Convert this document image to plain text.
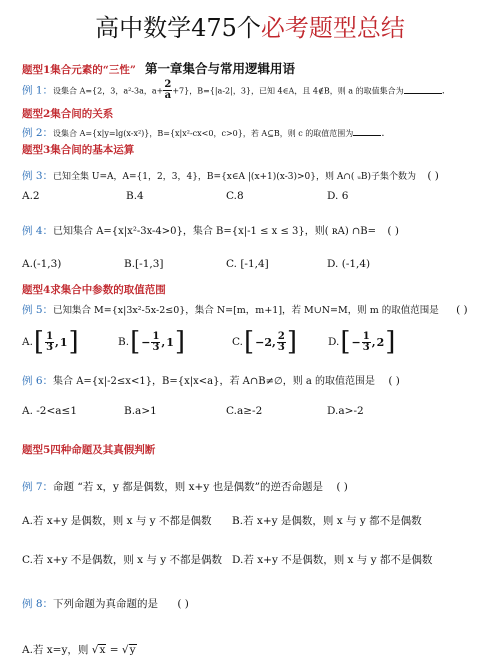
高中数学475个必考题型总结
题型1集合元素的“三性” 第一章集合与常用逻辑用语
例 1：设集合 A={2，3，a²-3a，$a+ \frac{2}{a} +7$}，B={|a-2|，3}，已知 4∈A，且 4∉B，则 a 的取值集合为	.
题型2集合间的关系
例 2：设集合 A={x|y=lg(x-x²)}，B={x|x²-cx<0，c>0}，若 A⊆B，则 c 的取值范围为	.
题型3集合间的基本运算
例 3：已知全集 U=A，A={1，2，3，4}，B={x∈A |(x+1)(x-3)>0}，则 A∩( ᵤB)子集个数为 ( )
A.2	B.4	C.8	D. 6
例 4：已知集合 A={x|x²-3x-4>0}，集合 B={x|-1 ≤ x ≤ 3}，则( ʀA) ∩B= ( )
A.(-1,3)	B.[-1,3]	C. [-1,4]	D. (-1,4)
题型4求集合中参数的取值范围
例 5：已知集合 M={x|3x²-5x-2≤0}，集合 N=[m，m+1]，若 M∪N=M，则 m 的取值范围是 ( )
A. [ $\frac{1}{3}$ , 1 ]	B. [ − $\frac{1}{3}$ , 1 ]	C. [ −2, $\frac{2}{3}$ ]	D. [ − $\frac{1}{3}$ , 2 ]
例 6：集合 A={x|-2≤x<1}，B={x|x<a}，若 A∩B≠∅，则 a 的取值范围是 ( )
A. -2<a≤1	B.a>1	C.a≥-2	D.a>-2
题型5四种命题及其真假判断
例 7：命题 “若 x，y 都是偶数，则 x+y 也是偶数”的逆否命题是 ( )
A.若 x+y 是偶数，则 x 与 y 不都是偶数 B.若 x+y 是偶数，则 x 与 y 都不是偶数
C.若 x+y 不是偶数，则 x 与 y 不都是偶数 D.若 x+y 不是偶数，则 x 与 y 都不是偶数
例 8：下列命题为真命题的是 ( )
A.若 x=y，则 √x = √y
